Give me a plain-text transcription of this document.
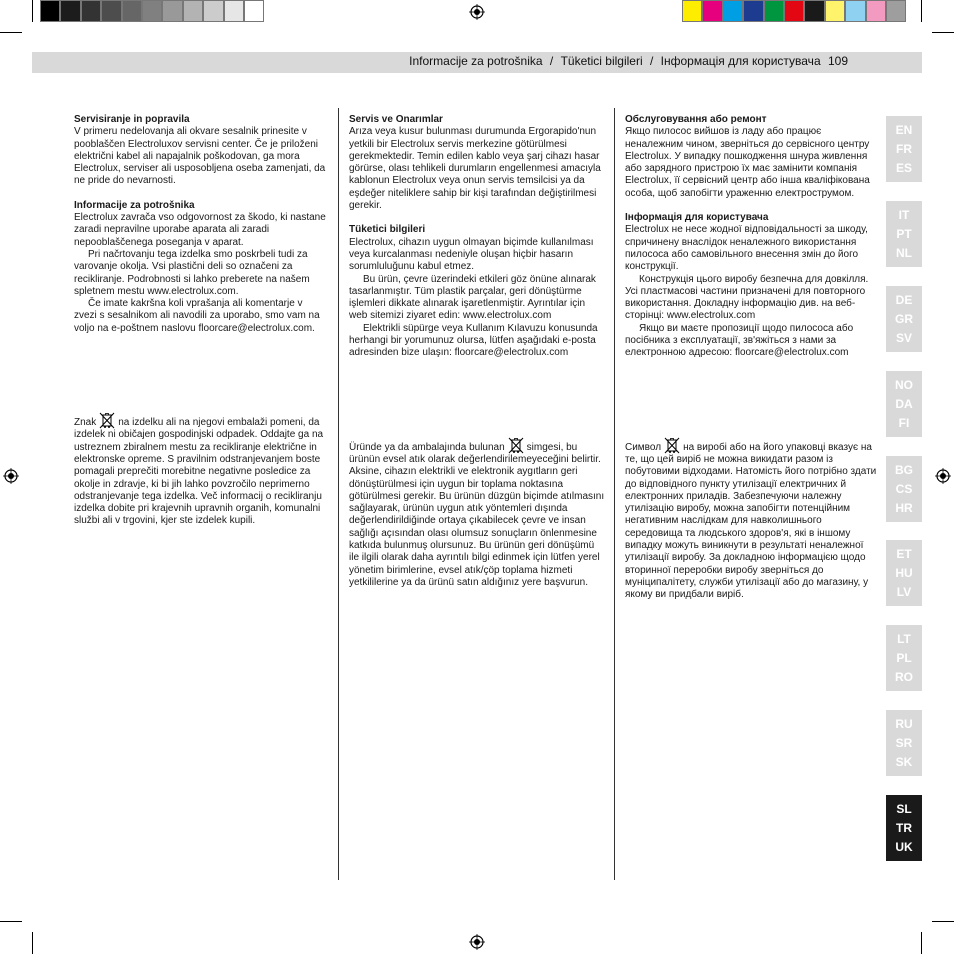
Informacije za potrošnika / Tüketici bilgileri / Інформація для користувача 109

Servisiranje in popravila

V primeru nedelovanja ali okvare sesalnik prinesite v pooblaščen Electroluxov servisni center. Če je priloženi električni kabel ali napajalnik poškodovan, ga mora Electrolux, serviser ali usposobljena oseba zamenjati, da ne pride do nevarnosti.

Informacije za potrošnika

Electrolux zavrača vso odgovornost za škodo, ki nastane zaradi nepravilne uporabe aparata ali zaradi nepooblaščenega poseganja v aparat.

Pri načrtovanju tega izdelka smo poskrbeli tudi za varovanje okolja. Vsi plastični deli so označeni za recikliranje. Podrobnosti si lahko preberete na našem spletnem mestu www.electrolux.com.

Če imate kakršna koli vprašanja ali komentarje v zvezi s sesalnikom ali navodili za uporabo, smo vam na voljo na e-poštnem naslovu floorcare@electrolux.com.

Znak na izdelku ali na njegovi embalaži pomeni, da izdelek ni običajen gospodinjski odpadek. Oddajte ga na ustreznem zbiralnem mestu za recikliranje električne in elektronske opreme. S pravilnim odstranjevanjem boste pomagali preprečiti morebitne negativne posledice za okolje in zdravje, ki bi jih lahko povzročilo neprimerno odstranjevanje tega izdelka. Več informacij o recikliranju izdelka dobite pri krajevnih upravnih organih, komunalni službi ali v trgovini, kjer ste izdelek kupili.

Servis ve Onarımlar

Arıza veya kusur bulunması durumunda Ergorapido'nun yetkili bir Electrolux servis merkezine götürülmesi gerekmektedir. Temin edilen kablo veya şarj cihazı hasar görürse, olası tehlikeli durumların engellenmesi amacıyla kablonun Electrolux veya onun servis temsilcisi ya da eşdeğer niteliklere sahip bir kişi tarafından değiştirilmesi gerekir.

Tüketici bilgileri

Electrolux, cihazın uygun olmayan biçimde kullanılması veya kurcalanması nedeniyle oluşan hiçbir hasarın sorumluluğunu kabul etmez.

Bu ürün, çevre üzerindeki etkileri göz önüne alınarak tasarlanmıştır. Tüm plastik parçalar, geri dönüştürme işlemleri dikkate alınarak işaretlenmiştir. Ayrıntılar için web sitemizi ziyaret edin: www.electrolux.com

Elektrikli süpürge veya Kullanım Kılavuzu konusunda herhangi bir yorumunuz olursa, lütfen aşağıdaki e-posta adresinden bize ulaşın: floorcare@electrolux.com

Üründe ya da ambalajında bulunan simgesi, bu ürünün evsel atık olarak değerlendirilemeyeceğini belirtir. Aksine, cihazın elektrikli ve elektronik aygıtların geri dönüştürülmesi için uygun bir toplama noktasına götürülmesi gerekir. Bu ürünün düzgün biçimde atılmasını sağlayarak, ürünün uygun atık yöntemleri dışında değerlendirildiğinde ortaya çıkabilecek çevre ve insan sağlığı açısından olası olumsuz sonuçların önlenmesine katkıda bulunmuş olursunuz. Bu ürünün geri dönüşümü ile ilgili olarak daha ayrıntılı bilgi edinmek için lütfen yerel yönetim birimlerine, evsel atık/çöp toplama hizmeti yetkililerine ya da ürünü satın aldığınız yere başvurun.

Обслуговування або ремонт

Якщо пилосос вийшов із ладу або працює неналежним чином, зверніться до сервісного центру Electrolux. У випадку пошкодження шнура живлення або зарядного пристрою їх має замінити компанія Electrolux, її сервісний центр або інша кваліфікована особа, щоб запобігти ураженню електрострумом.

Інформація для користувача

Electrolux не несе жодної відповідальності за шкоду, спричинену внаслідок неналежного використання пилососа або самовільного внесення змін до його конструкції.

Конструкція цього виробу безпечна для довкілля. Усі пластмасові частини призначені для повторного використання. Докладну інформацію див. на веб-сторінці: www.electrolux.com

Якщо ви маєте пропозиції щодо пилососа або посібника з експлуатації, зв'яжіться з нами за електронною адресою: floorcare@electrolux.com

Символ на виробі або на його упаковці вказує на те, що цей виріб не можна викидати разом із побутовими відходами. Натомість його потрібно здати до відповідного пункту утилізації електричних й електронних приладів. Забезпечуючи належну утилізацію виробу, можна запобігти потенційним негативним наслідкам для навколишнього середовища та людського здоров'я, які в іншому випадку можуть виникнути в результаті неналежної утилізації виробу. За докладною інформацією щодо вторинної переробки виробу зверніться до муніципалітету, служби утилізації або до магазину, у якому ви придбали виріб.

EN
FR
ES
IT
PT
NL
DE
GR
SV
NO
DA
FI
BG
CS
HR
ET
HU
LV
LT
PL
RO
RU
SR
SK
SL
TR
UK
